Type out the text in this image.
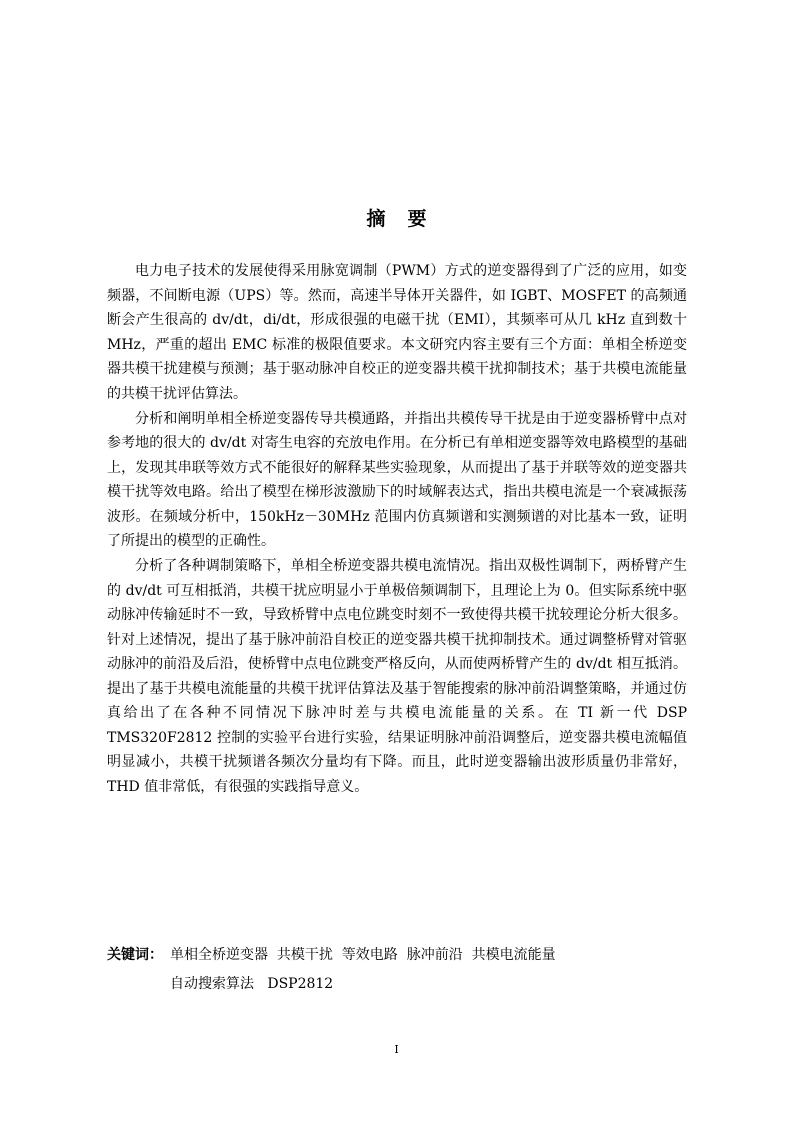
摘要

电力电子技术的发展使得采用脉宽调制（PWM）方式的逆变器得到了广泛的应用，如变频器，不间断电源（UPS）等。然而，高速半导体开关器件，如 IGBT、MOSFET 的高频通断会产生很高的 dv/dt，di/dt，形成很强的电磁干扰（EMI），其频率可从几 kHz 直到数十 MHz，严重的超出 EMC 标准的极限值要求。本文研究内容主要有三个方面：单相全桥逆变器共模干扰建模与预测；基于驱动脉冲自校正的逆变器共模干扰抑制技术；基于共模电流能量的共模干扰评估算法。

分析和阐明单相全桥逆变器传导共模通路，并指出共模传导干扰是由于逆变器桥臂中点对参考地的很大的 dv/dt 对寄生电容的充放电作用。在分析已有单相逆变器等效电路模型的基础上，发现其串联等效方式不能很好的解释某些实验现象，从而提出了基于并联等效的逆变器共模干扰等效电路。给出了模型在梯形波激励下的时域解表达式，指出共模电流是一个衰减振荡波形。在频域分析中，150kHz－30MHz 范围内仿真频谱和实测频谱的对比基本一致，证明了所提出的模型的正确性。

分析了各种调制策略下，单相全桥逆变器共模电流情况。指出双极性调制下，两桥臂产生的 dv/dt 可互相抵消，共模干扰应明显小于单极倍频调制下，且理论上为 0。但实际系统中驱动脉冲传输延时不一致，导致桥臂中点电位跳变时刻不一致使得共模干扰较理论分析大很多。针对上述情况，提出了基于脉冲前沿自校正的逆变器共模干扰抑制技术。通过调整桥臂对管驱动脉冲的前沿及后沿，使桥臂中点电位跳变严格反向，从而使两桥臂产生的 dv/dt 相互抵消。提出了基于共模电流能量的共模干扰评估算法及基于智能搜索的脉冲前沿调整策略，并通过仿真给出了在各种不同情况下脉冲时差与共模电流能量的关系。在 TI 新一代 DSP TMS320F2812 控制的实验平台进行实验，结果证明脉冲前沿调整后，逆变器共模电流幅值明显减小，共模干扰频谱各频次分量均有下降。而且，此时逆变器输出波形质量仍非常好，THD 值非常低，有很强的实践指导意义。

关键词： 单相全桥逆变器  共模干扰  等效电路  脉冲前沿  共模电流能量
自动搜索算法   DSP2812
I
